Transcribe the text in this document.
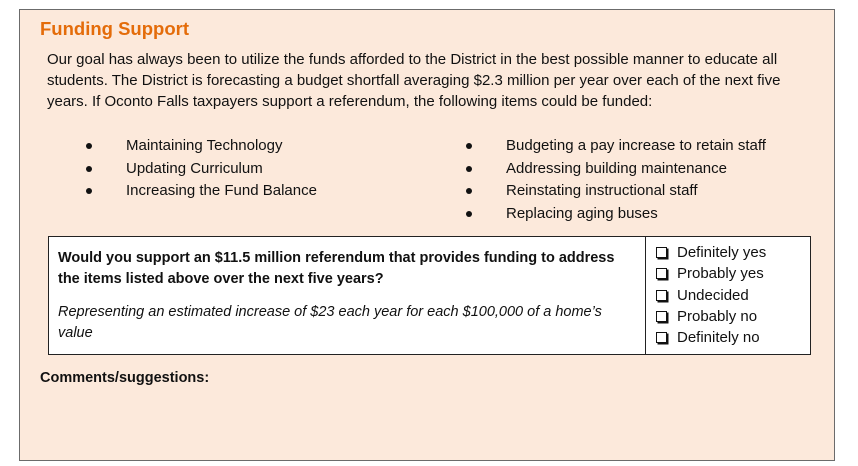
Funding Support

Our goal has always been to utilize the funds afforded to the District in the best possible manner to educate all students. The District is forecasting a budget shortfall averaging $2.3 million per year over each of the next five years. If Oconto Falls taxpayers support a referendum, the following items could be funded:

Maintaining Technology
Updating Curriculum
Increasing the Fund Balance
Budgeting a pay increase to retain staff
Addressing building maintenance
Reinstating instructional staff
Replacing aging buses

Would you support an $11.5 million referendum that provides funding to address the items listed above over the next five years?

Representing an estimated increase of $23 each year for each $100,000 of a home’s value

Definitely yes
Probably yes
Undecided
Probably no
Definitely no
Comments/suggestions:
